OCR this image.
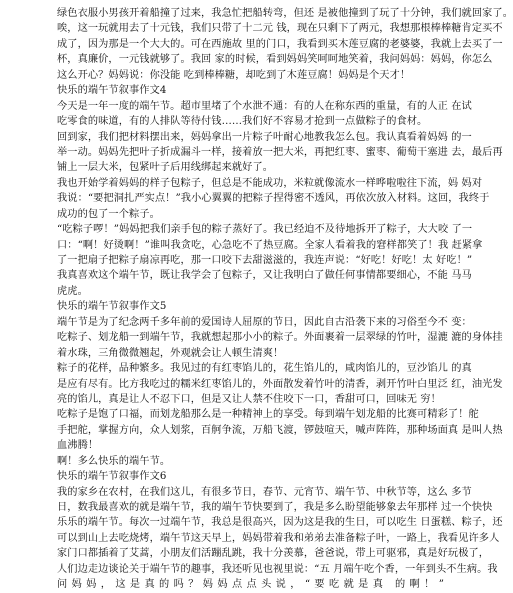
绿色衣服小男孩开着船撞了过来，我急忙把船转弯，但还 是被他撞到了玩了十分钟，我们就回家了。
唉，这一玩就用去了十元钱，我们只带了十二元 钱，现在只剩下了两元，我想那根棒棒糖肯定买不
成了，因为那是一个大大的。可在西施故 里的门口，我看到买木莲豆腐的老婆婆，我就上去买了一
杯，真廉价，一元钱就够了。我回 家的时候，看到妈妈笑呵呵地笑着，我问妈妈：妈妈，你怎么
这么开心？妈妈说：你没能 吃到棒棒糖，却吃到了木莲豆腐！妈妈是个天才！
快乐的端午节叙事作文4
今天是一年一度的端午节。超市里堵了个水泄不通：有的人在称东西的重量，有的人正 在试
吃零食的味道，有的人排队等待付钱……我们好不容易才抢到一点做粽子的食材。
回到家，我们把材料摆出来，妈妈拿出一片粽子叶耐心地教我怎么包。我认真看着妈妈 的一
举一动。妈妈先把叶子折成漏斗一样，接着放一把大米，再把红枣、蜜枣、葡萄干塞进 去，最后再
铺上一层大米，包紧叶子后用线绑起来就好了。
我也开始学着妈妈的样子包粽子，但总是不能成功，米粒就像流水一样哗啦啦往下流，妈 妈对
我说：“要把洞扎严实点！”我小心翼翼的把粽子捏得密不透风，再依次放入材料。这回，我终于
成功的包了一个粽子。
“吃粽子啰！”妈妈把我们亲手包的粽子蒸好了。我已经迫不及待地拆开了粽子，大大咬 了一
口：“啊！好烫啊！”谁叫我贪吃，心急吃不了热豆腐。全家人看着我的窘样都笑了！我 赶紧拿
了一把扇子把粽子扇凉再吃，那一口咬下去甜滋滋的，我连声说：“好吃！好吃！太 好吃！”
我真喜欢这个端午节，既让我学会了包粽子，又让我明白了做任何事情都要细心，不能 马马
虎虎。
快乐的端午节叙事作文5
端午节是为了纪念两千多年前的爱国诗人屈原的节日，因此自古沿袭下来的习俗至今不 变：
吃粽子、划龙船一到端午节，我就想起那小小的粽子。外面裹着一层翠绿的竹叶，湿漉 漉的身体挂
着水珠，三角微微翘起，外观就会让人顿生清爽！
粽子的花样，品种繁多。我见过的有红枣馅儿的，花生馅儿的，咸肉馅儿的，豆沙馅儿 的真
是应有尽有。比方我吃过的糯米红枣馅儿的，外面散发着竹叶的清香，剥开竹叶白里泛 红，油光发
亮的馅儿，真是让人不忍下口，但是又让人禁不住咬下一口，香甜可口，回味无 穷！
吃粽子是饱了口福，而划龙船那么是一种精神上的享受。每到端午划龙船的比赛可精彩了！舵
手把舵，掌握方向，众人划浆，百舸争流，万船飞渡，锣鼓喧天，喊声阵阵，那种场面真 是叫人热
血沸腾！
啊！多么快乐的端午节。
快乐的端午节叙事作文6
我的家乡在农村，在我们这儿，有很多节日，春节、元宵节、端午节、中秋节等，这么 多节
日，数我最喜欢的就是端午节，我的端午节快要到了，我是多么盼望能够象去年那样 过一个快快
乐乐的端午节。每次一过端午节，我总是很高兴，因为这是我的生日，可以吃生 日蛋糕、粽子，还
可以到山上去吃烧烤，端午节这天早上，妈妈带着我和弟弟去准备粽子叶，一路上，我看见许多人
家门口都插着了艾蒿，小朋友们活蹦乱跳，我十分羡慕，爸爸说，带上可驱邪，真是好玩极了，
人们边走边谈论关于端午节的趣事，我还听见也视里说：“五 月端午吃个香，一年到头不生病。我
问妈妈，这是真的吗？妈妈点点头说，“要吃就是真 的啊！”
